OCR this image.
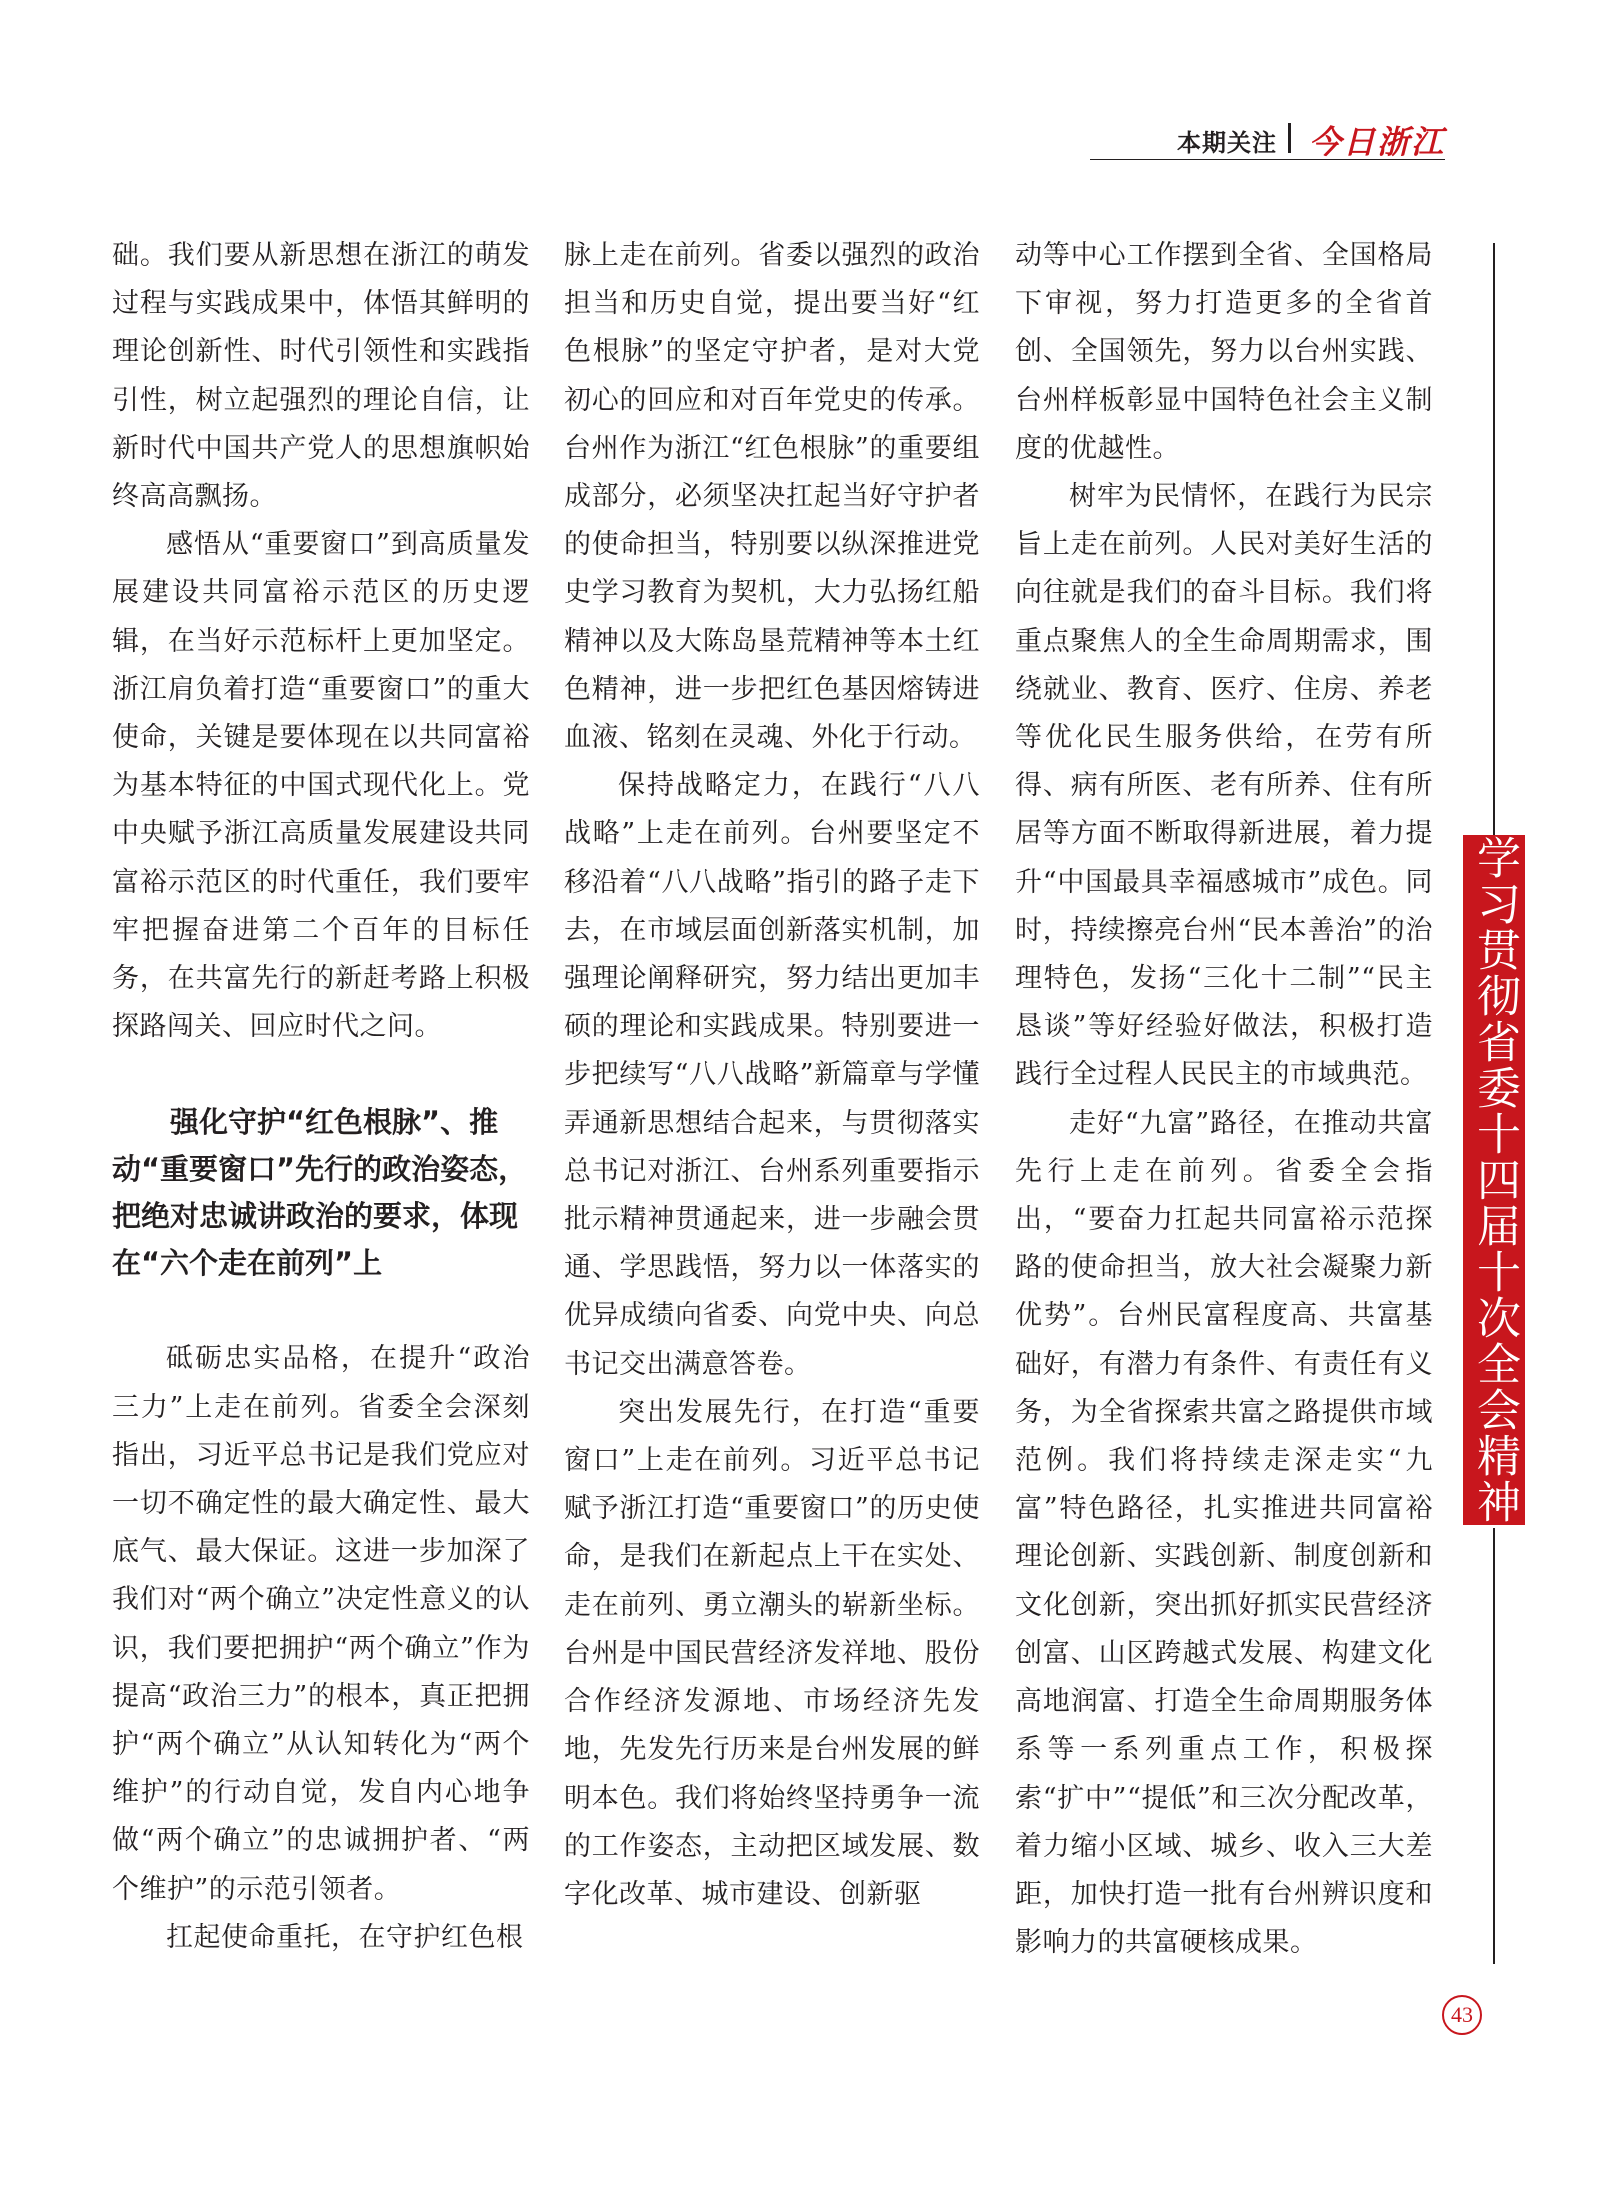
本期关注 今日浙江

础。我们要从新思想在浙江的萌发过程与实践成果中，体悟其鲜明的理论创新性、时代引领性和实践指引性，树立起强烈的理论自信，让新时代中国共产党人的思想旗帜始终高高飘扬。

感悟从“重要窗口”到高质量发展建设共同富裕示范区的历史逻辑，在当好示范标杆上更加坚定。浙江肩负着打造“重要窗口”的重大使命，关键是要体现在以共同富裕为基本特征的中国式现代化上。党中央赋予浙江高质量发展建设共同富裕示范区的时代重任，我们要牢牢把握奋进第二个百年的目标任务，在共富先行的新赶考路上积极探路闯关、回应时代之问。

强化守护“红色根脉”、推动“重要窗口”先行的政治姿态，把绝对忠诚讲政治的要求，体现在“六个走在前列”上

砥砺忠实品格，在提升“政治三力”上走在前列。省委全会深刻指出，习近平总书记是我们党应对一切不确定性的最大确定性、最大底气、最大保证。这进一步加深了我们对“两个确立”决定性意义的认识，我们要把拥护“两个确立”作为提高“政治三力”的根本，真正把拥护“两个确立”从认知转化为“两个维护”的行动自觉，发自内心地争做“两个确立”的忠诚拥护者、“两个维护”的示范引领者。

扛起使命重托，在守护红色根

脉上走在前列。省委以强烈的政治担当和历史自觉，提出要当好“红色根脉”的坚定守护者，是对大党初心的回应和对百年党史的传承。台州作为浙江“红色根脉”的重要组成部分，必须坚决扛起当好守护者的使命担当，特别要以纵深推进党史学习教育为契机，大力弘扬红船精神以及大陈岛垦荒精神等本土红色精神，进一步把红色基因熔铸进血液、铭刻在灵魂、外化于行动。

保持战略定力，在践行“八八战略”上走在前列。台州要坚定不移沿着“八八战略”指引的路子走下去，在市域层面创新落实机制，加强理论阐释研究，努力结出更加丰硕的理论和实践成果。特别要进一步把续写“八八战略”新篇章与学懂弄通新思想结合起来，与贯彻落实总书记对浙江、台州系列重要指示批示精神贯通起来，进一步融会贯通、学思践悟，努力以一体落实的优异成绩向省委、向党中央、向总书记交出满意答卷。

突出发展先行，在打造“重要窗口”上走在前列。习近平总书记赋予浙江打造“重要窗口”的历史使命，是我们在新起点上干在实处、走在前列、勇立潮头的崭新坐标。台州是中国民营经济发祥地、股份合作经济发源地、市场经济先发地，先发先行历来是台州发展的鲜明本色。我们将始终坚持勇争一流的工作姿态，主动把区域发展、数字化改革、城市建设、创新驱

动等中心工作摆到全省、全国格局下审视，努力打造更多的全省首创、全国领先，努力以台州实践、台州样板彰显中国特色社会主义制度的优越性。

树牢为民情怀，在践行为民宗旨上走在前列。人民对美好生活的向往就是我们的奋斗目标。我们将重点聚焦人的全生命周期需求，围绕就业、教育、医疗、住房、养老等优化民生服务供给，在劳有所得、病有所医、老有所养、住有所居等方面不断取得新进展，着力提升“中国最具幸福感城市”成色。同时，持续擦亮台州“民本善治”的治理特色，发扬“三化十二制”“民主恳谈”等好经验好做法，积极打造践行全过程人民民主的市域典范。

走好“九富”路径，在推动共富先行上走在前列。省委全会指出，“要奋力扛起共同富裕示范探路的使命担当，放大社会凝聚力新优势”。台州民富程度高、共富基础好，有潜力有条件、有责任有义务，为全省探索共富之路提供市域范例。我们将持续走深走实“九富”特色路径，扎实推进共同富裕理论创新、实践创新、制度创新和文化创新，突出抓好抓实民营经济创富、山区跨越式发展、构建文化高地润富、打造全生命周期服务体系等一系列重点工作，积极探索“扩中”“提低”和三次分配改革，着力缩小区域、城乡、收入三大差距，加快打造一批有台州辨识度和影响力的共富硬核成果。

学习贯彻省委十四届十次全会精神
43
